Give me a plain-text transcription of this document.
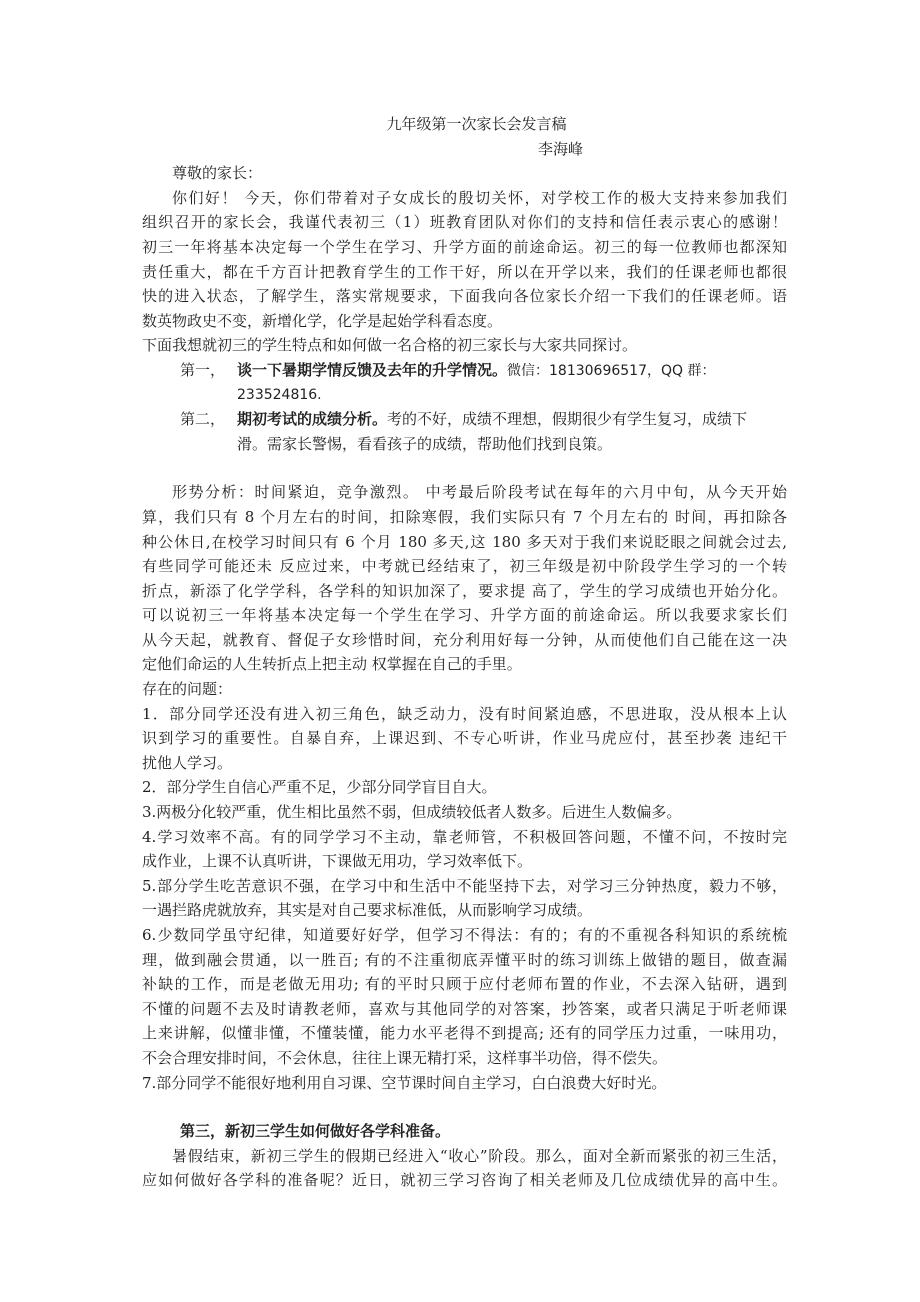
九年级第一次家长会发言稿
李海峰
尊敬的家长：
你们好！ 今天，你们带着对子女成长的殷切关怀，对学校工作的极大支持来参加我们
组织召开的家长会，我谨代表初三（1）班教育团队对你们的支持和信任表示衷心的感谢！
初三一年将基本决定每一个学生在学习、升学方面的前途命运。初三的每一位教师也都深知
责任重大，都在千方百计把教育学生的工作干好，所以在开学以来，我们的任课老师也都很
快的进入状态，了解学生，落实常规要求，下面我向各位家长介绍一下我们的任课老师。语
数英物政史不变，新增化学，化学是起始学科看态度。
下面我想就初三的学生特点和如何做一名合格的初三家长与大家共同探讨。
第一， 谈一下暑期学情反馈及去年的升学情况。微信：18130696517，QQ 群：
233524816.
第二， 期初考试的成绩分析。考的不好，成绩不理想，假期很少有学生复习，成绩下
滑。需家长警惕，看看孩子的成绩，帮助他们找到良策。
形势分析：时间紧迫，竞争激烈。 中考最后阶段考试在每年的六月中旬，从今天开始
算，我们只有 8 个月左右的时间，扣除寒假，我们实际只有 7 个月左右的 时间，再扣除各
种公休日,在校学习时间只有 6 个月 180 多天,这 180 多天对于我们来说眨眼之间就会过去,
有些同学可能还未 反应过来，中考就已经结束了，初三年级是初中阶段学生学习的一个转
折点，新添了化学学科，各学科的知识加深了，要求提 高了，学生的学习成绩也开始分化。
可以说初三一年将基本决定每一个学生在学习、升学方面的前途命运。所以我要求家长们
从今天起，就教育、督促子女珍惜时间，充分利用好每一分钟，从而使他们自己能在这一决
定他们命运的人生转折点上把主动 权掌握在自己的手里。
存在的问题：
1．部分同学还没有进入初三角色，缺乏动力，没有时间紧迫感，不思进取，没从根本上认
识到学习的重要性。自暴自弃，上课迟到、不专心听讲，作业马虎应付，甚至抄袭 违纪干
扰他人学习。
2．部分学生自信心严重不足，少部分同学盲目自大。
3.两极分化较严重，优生相比虽然不弱，但成绩较低者人数多。后进生人数偏多。
4.学习效率不高。有的同学学习不主动，靠老师管，不积极回答问题，不懂不问，不按时完
成作业，上课不认真听讲，下课做无用功，学习效率低下。
5.部分学生吃苦意识不强，在学习中和生活中不能坚持下去，对学习三分钟热度，毅力不够，
一遇拦路虎就放弃，其实是对自己要求标准低，从而影响学习成绩。
6.少数同学虽守纪律，知道要好好学，但学习不得法：有的；有的不重视各科知识的系统梳
理，做到融会贯通，以一胜百; 有的不注重彻底弄懂平时的练习训练上做错的题目，做查漏
补缺的工作，而是老做无用功; 有的平时只顾于应付老师布置的作业，不去深入钻研，遇到
不懂的问题不去及时请教老师，喜欢与其他同学的对答案，抄答案，或者只满足于听老师课
上来讲解，似懂非懂，不懂装懂，能力水平老得不到提高; 还有的同学压力过重，一味用功，
不会合理安排时间，不会休息，往往上课无精打采，这样事半功倍，得不偿失。
7.部分同学不能很好地利用自习课、空节课时间自主学习，白白浪费大好时光。
第三，新初三学生如何做好各学科准备。
暑假结束，新初三学生的假期已经进入“收心”阶段。那么，面对全新而紧张的初三生活，
应如何做好各学科的准备呢？近日，就初三学习咨询了相关老师及几位成绩优异的高中生。
